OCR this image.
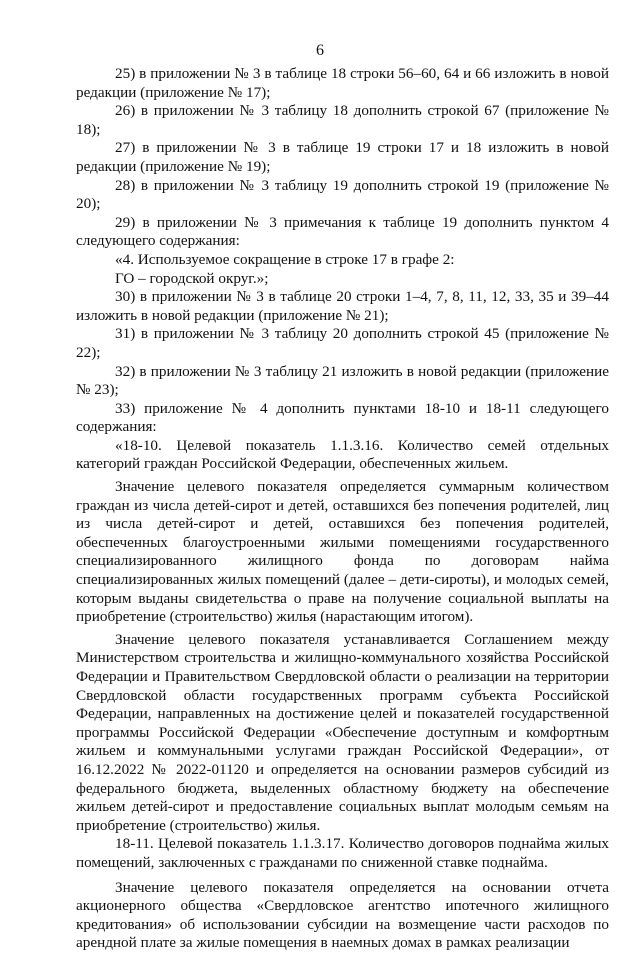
6

25) в приложении № 3 в таблице 18 строки 56–60, 64 и 66 изложить в новой редакции (приложение № 17);

26) в приложении № 3 таблицу 18 дополнить строкой 67 (приложение № 18);

27) в приложении № 3 в таблице 19 строки 17 и 18 изложить в новой редакции (приложение № 19);

28) в приложении № 3 таблицу 19 дополнить строкой 19 (приложение № 20);

29) в приложении № 3 примечания к таблице 19 дополнить пунктом 4 следующего содержания:

«4. Используемое сокращение в строке 17 в графе 2:

ГО – городской округ.»;

30) в приложении № 3 в таблице 20 строки 1–4, 7, 8, 11, 12, 33, 35 и 39–44 изложить в новой редакции (приложение № 21);

31) в приложении № 3 таблицу 20 дополнить строкой 45 (приложение № 22);

32) в приложении № 3 таблицу 21 изложить в новой редакции (приложение № 23);

33) приложение № 4 дополнить пунктами 18-10 и 18-11 следующего содержания:

«18-10. Целевой показатель 1.1.3.16. Количество семей отдельных категорий граждан Российской Федерации, обеспеченных жильем.

Значение целевого показателя определяется суммарным количеством граждан из числа детей-сирот и детей, оставшихся без попечения родителей, лиц из числа детей-сирот и детей, оставшихся без попечения родителей, обеспеченных благоустроенными жилыми помещениями государственного специализированного жилищного фонда по договорам найма специализированных жилых помещений (далее – дети-сироты), и молодых семей, которым выданы свидетельства о праве на получение социальной выплаты на приобретение (строительство) жилья (нарастающим итогом).

Значение целевого показателя устанавливается Соглашением между Министерством строительства и жилищно-коммунального хозяйства Российской Федерации и Правительством Свердловской области о реализации на территории Свердловской области государственных программ субъекта Российской Федерации, направленных на достижение целей и показателей государственной программы Российской Федерации «Обеспечение доступным и комфортным жильем и коммунальными услугами граждан Российской Федерации», от 16.12.2022 № 2022-01120 и определяется на основании размеров субсидий из федерального бюджета, выделенных областному бюджету на обеспечение жильем детей-сирот и предоставление социальных выплат молодым семьям на приобретение (строительство) жилья.

18-11. Целевой показатель 1.1.3.17. Количество договоров поднайма жилых помещений, заключенных с гражданами по сниженной ставке поднайма.

Значение целевого показателя определяется на основании отчета акционерного общества «Свердловское агентство ипотечного жилищного кредитования» об использовании субсидии на возмещение части расходов по арендной плате за жилые помещения в наемных домах в рамках реализации
